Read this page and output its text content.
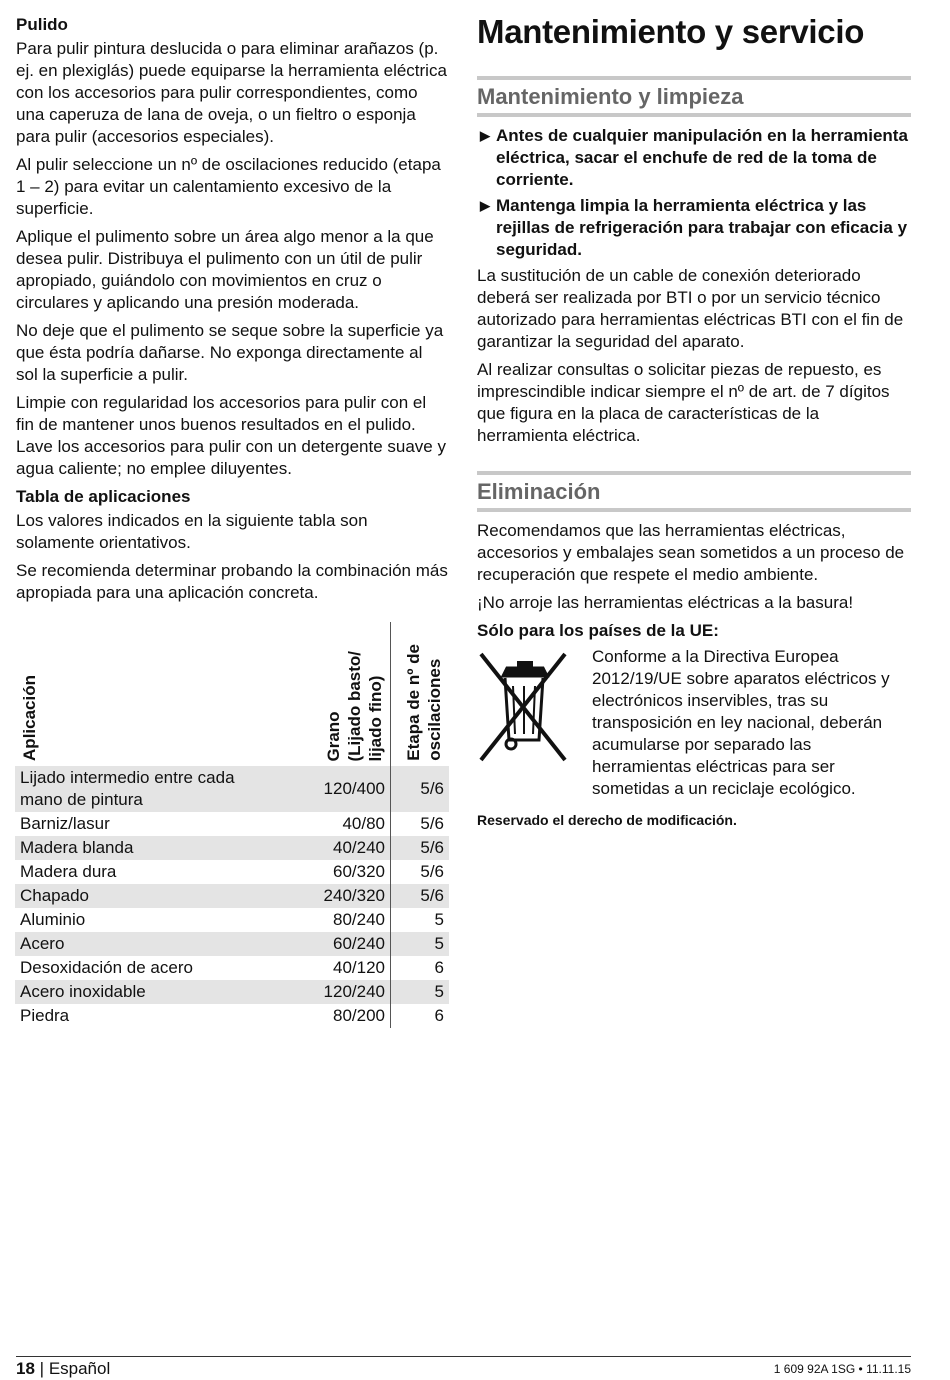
Pulido

Para pulir pintura deslucida o para eliminar arañazos (p. ej. en plexiglás) puede equiparse la herramienta eléctrica con los accesorios para pulir correspondientes, como una caperuza de lana de oveja, o un fieltro o esponja para pulir (accesorios especiales).

Al pulir seleccione un nº de oscilaciones reducido (etapa 1 – 2) para evitar un calentamiento excesivo de la superficie.

Aplique el pulimento sobre un área algo menor a la que desea pulir. Distribuya el pulimento con un útil de pulir apropiado, guiándolo con movimientos en cruz o circulares y aplicando una presión moderada.

No deje que el pulimento se seque sobre la superficie ya que ésta podría dañarse. No exponga directamente al sol la superficie a pulir.

Limpie con regularidad los accesorios para pulir con el fin de mantener unos buenos resultados en el pulido. Lave los accesorios para pulir con un detergente suave y agua caliente; no emplee diluyentes.

Tabla de aplicaciones

Los valores indicados en la siguiente tabla son solamente orientativos.

Se recomienda determinar probando la combinación más apropiada para una aplicación concreta.

Aplicación	Grano (Lijado basto/ lijado fino)	Etapa de nº de oscilaciones
Lijado intermedio entre cada mano de pintura	120/400	5/6
Barniz/lasur	40/80	5/6
Madera blanda	40/240	5/6
Madera dura	60/320	5/6
Chapado	240/320	5/6
Aluminio	80/240	5
Acero	60/240	5
Desoxidación de acero	40/120	6
Acero inoxidable	120/240	5
Piedra	80/200	6
Mantenimiento y servicio
Mantenimiento y limpieza
▶ Antes de cualquier manipulación en la herramienta eléctrica, sacar el enchufe de red de la toma de corriente.
▶ Mantenga limpia la herramienta eléctrica y las rejillas de refrigeración para trabajar con eficacia y seguridad.

La sustitución de un cable de conexión deteriorado deberá ser realizada por BTI o por un servicio técnico autorizado para herramientas eléctricas BTI con el fin de garantizar la seguridad del aparato.

Al realizar consultas o solicitar piezas de repuesto, es imprescindible indicar siempre el nº de art. de 7 dígitos que figura en la placa de características de la herramienta eléctrica.

Eliminación

Recomendamos que las herramientas eléctricas, accesorios y embalajes sean sometidos a un proceso de recuperación que respete el medio ambiente.

¡No arroje las herramientas eléctricas a la basura!

Sólo para los países de la UE:

Conforme a la Directiva Europea 2012/19/UE sobre aparatos eléctricos y electrónicos inservibles, tras su transposición en ley nacional, deberán acumularse por separado las herramientas eléctricas para ser sometidas a un reciclaje ecológico.

Reservado el derecho de modificación.
18 | Español	1 609 92A 1SG • 11.11.15
